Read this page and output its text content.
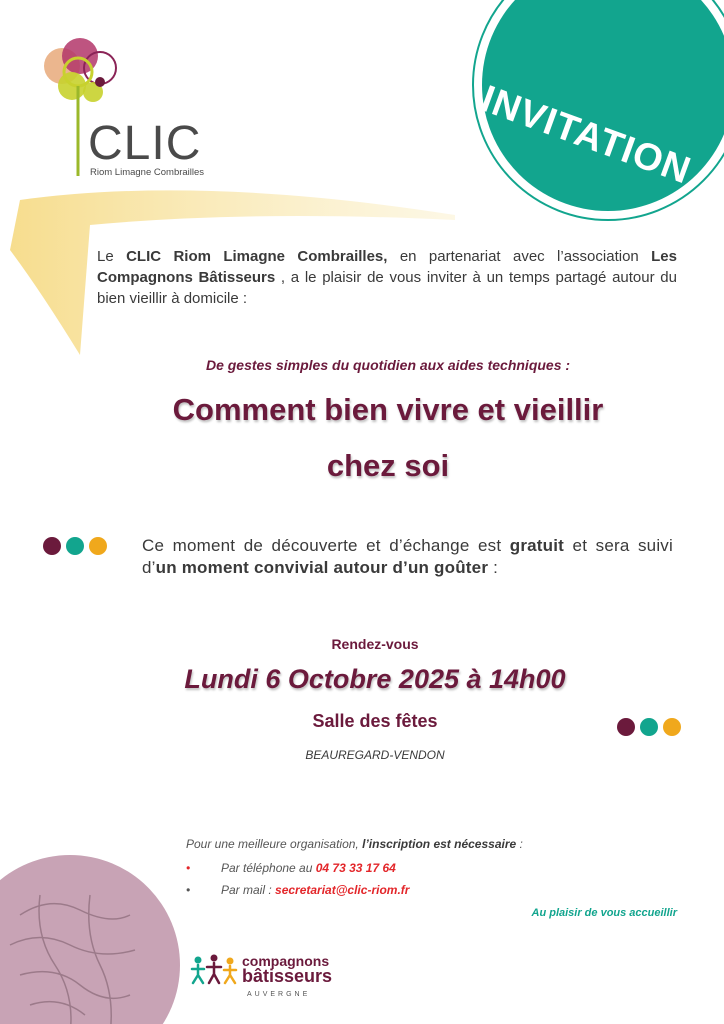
CLIC
Riom Limagne Combrailles	INVITATION

Le CLIC Riom Limagne Combrailles, en partenariat avec l’association Les Compagnons Bâtisseurs , a le plaisir de vous inviter à un temps partagé autour du bien vieillir à domicile :

De gestes simples du quotidien aux aides techniques :
Comment bien vivre et vieillir
chez soi

Ce moment de découverte et d’échange est gratuit et sera suivi d’un moment convivial autour d’un goûter :

Rendez-vous
Lundi 6 Octobre 2025 à 14h00
Salle des fêtes
BEAUREGARD-VENDON
Pour une meilleure organisation, l’inscription est nécessaire :
•	Par téléphone au 04 73 33 17 64
•	Par mail : secretariat@clic-riom.fr
Au plaisir de vous accueillir
compagnons
bâtisseurs
AUVERGNE
